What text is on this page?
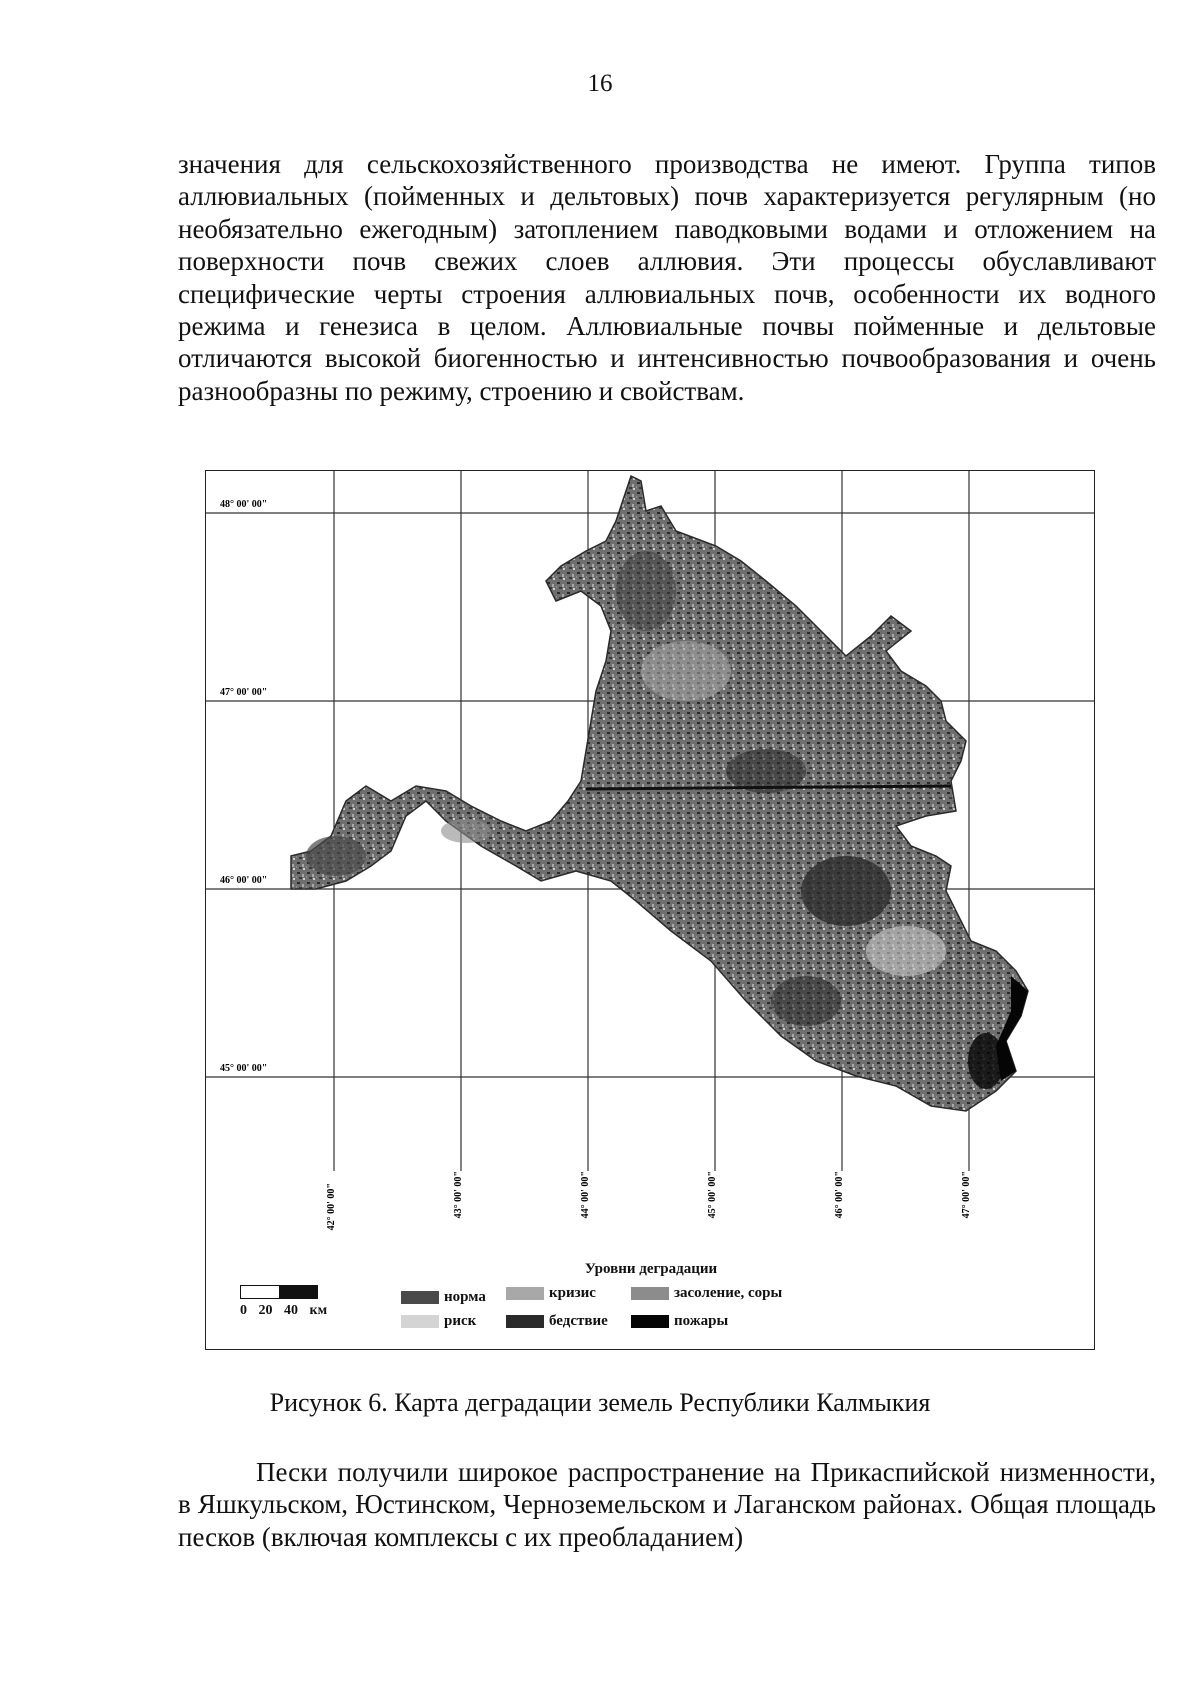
16
значения для сельскохозяйственного производства не имеют. Группа типов аллювиальных (пойменных и дельтовых) почв характеризуется регулярным (но необязательно ежегодным) затоплением паводковыми водами и отложением на поверхности почв свежих слоев аллювия. Эти процессы обуславливают специфические черты строения аллювиальных почв, особенности их водного режима и генезиса в целом. Аллювиальные почвы пойменные и дельтовые отличаются высокой биогенностью и интенсивностью почвообразования и очень разнообразны по режиму, строению и свойствам.
48° 00' 00"
47° 00' 00"
46° 00' 00"
45° 00' 00"
42° 00' 00"	43° 00' 00"	44° 00' 00"	45° 00' 00"	46° 00' 00"	47° 00' 00"
Уровни деградации
0 20 40 км
норма
риск
кризис
бедствие
засоление, соры
пожары
Рисунок 6. Карта деградации земель Республики Калмыкия
Пески получили широкое распространение на Прикаспийской низменности, в Яшкульском, Юстинском, Черноземельском и Лаганском районах. Общая площадь песков (включая комплексы с их преобладанием)
